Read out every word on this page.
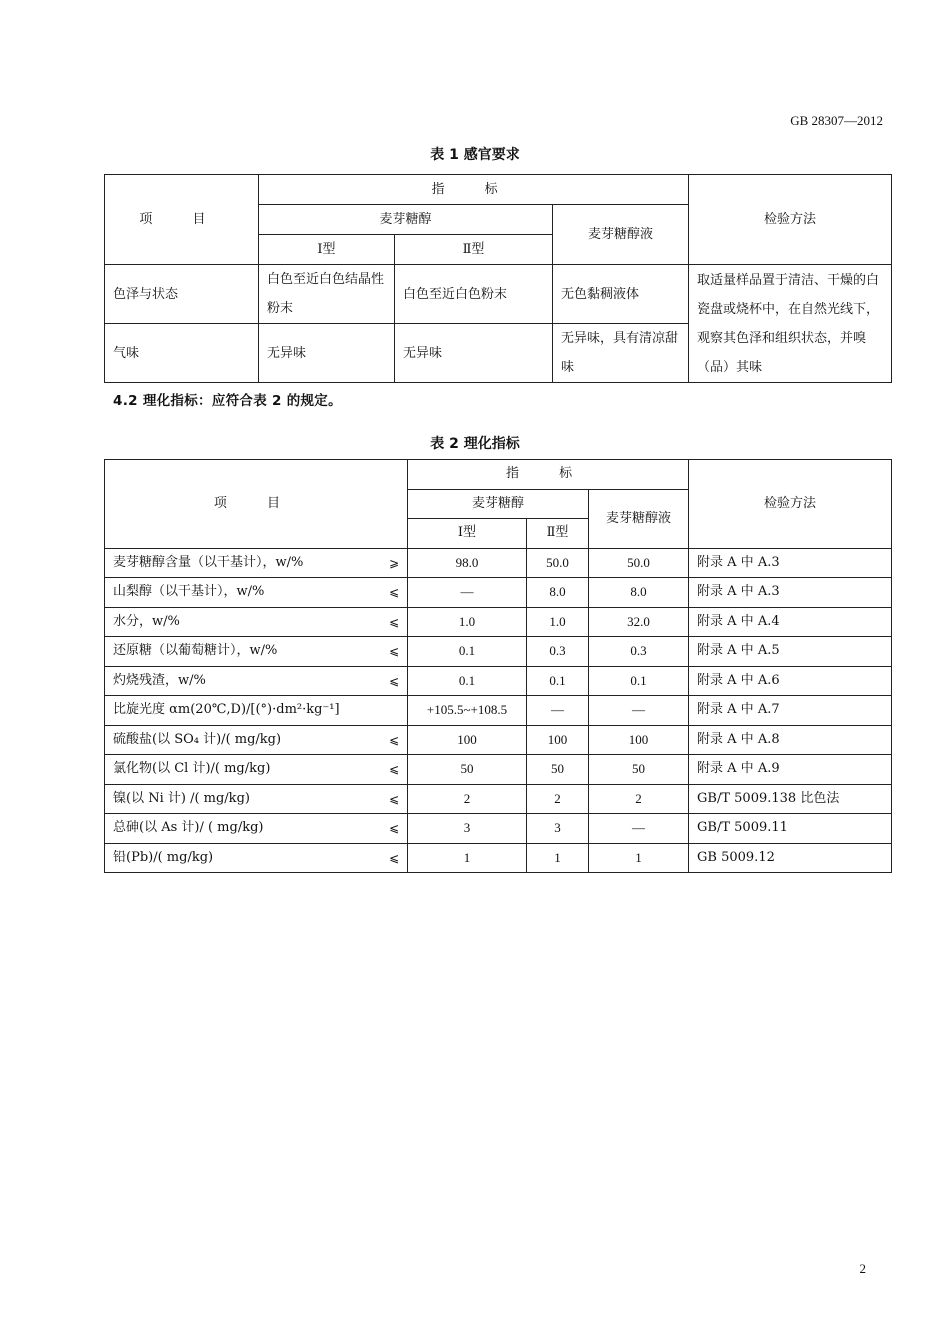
GB 28307—2012
表 1 感官要求
项 目	指 标			检验方法
	麦芽糖醇		麦芽糖醇液	
	Ⅰ型	Ⅱ型		
色泽与状态	白色至近白色结晶性粉末	白色至近白色粉末	无色黏稠液体	取适量样品置于清洁、干燥的白瓷盘或烧杯中，在自然光线下，观察其色泽和组织状态，并嗅（品）其味
气味	无异味	无异味	无异味，具有清凉甜味	
4.2 理化指标：应符合表 2 的规定。
表 2 理化指标
项 目	指 标			检验方法
	麦芽糖醇		麦芽糖醇液	
	Ⅰ型	Ⅱ型		

麦芽糖醇含量（以干基计），w/% ⩾	98.0	50.0	50.0	附录 A 中 A.3

山梨醇（以干基计），w/% ⩽	—	8.0	8.0	附录 A 中 A.3

水分，w/% ⩽	1.0	1.0	32.0	附录 A 中 A.4

还原糖（以葡萄糖计），w/% ⩽	0.1	0.3	0.3	附录 A 中 A.5

灼烧残渣，w/% ⩽	0.1	0.1	0.1	附录 A 中 A.6

比旋光度 αm(20℃,D)/[(°)·dm²·kg⁻¹]	+105.5~+108.5	—	—	附录 A 中 A.7

硫酸盐(以 SO₄ 计)/( mg/kg) ⩽	100	100	100	附录 A 中 A.8

氯化物(以 Cl 计)/( mg/kg) ⩽	50	50	50	附录 A 中 A.9

镍(以 Ni 计) /( mg/kg) ⩽	2	2	2	GB/T 5009.138 比色法

总砷(以 As 计)/ ( mg/kg) ⩽	3	3	—	GB/T 5009.11

铅(Pb)/( mg/kg) ⩽	1	1	1	GB 5009.12
2
